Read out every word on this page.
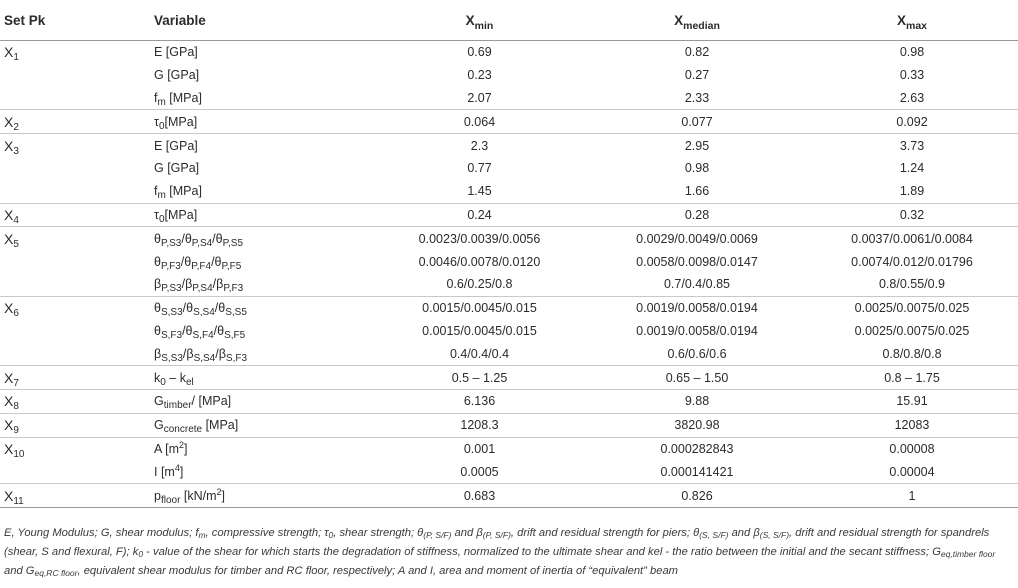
Set Pk	Variable	$X_{min}$	$X_{median}$	$X_{max}$
$X_1$	E [GPa]	0.69	0.82	0.98
	G [GPa]	0.23	0.27	0.33
	$f_m$ [MPa]	2.07	2.33	2.63
$X_2$	$\tau_0[MPa]$	0.064	0.077	0.092
$X_3$	E [GPa]	2.3	2.95	3.73
	G [GPa]	0.77	0.98	1.24
	$f_m$ [MPa]	1.45	1.66	1.89
$X_4$	$\tau_0[MPa]$	0.24	0.28	0.32
$X_5$	$\theta_{P,S3}/\theta_{P,S4}/\theta_{P,S5}$	0.0023/0.0039/0.0056	0.0029/0.0049/0.0069	0.0037/0.0061/0.0084
	$\theta_{P,F3}/\theta_{P,F4}/\theta_{P,F5}$	0.0046/0.0078/0.0120	0.0058/0.0098/0.0147	0.0074/0.012/0.01796
	$\beta_{P,S3}/\beta_{P,S4}/\beta_{P,F3}$	0.6/0.25/0.8	0.7/0.4/0.85	0.8/0.55/0.9
$X_6$	$\theta_{S,S3}/\theta_{S,S4}/\theta_{S,S5}$	0.0015/0.0045/0.015	0.0019/0.0058/0.0194	0.0025/0.0075/0.025
	$\theta_{S,F3}/\theta_{S,F4}/\theta_{S,F5}$	0.0015/0.0045/0.015	0.0019/0.0058/0.0194	0.0025/0.0075/0.025
	$\beta_{S,S3}/\beta_{S,S4}/\beta_{S,F3}$	0.4/0.4/0.4	0.6/0.6/0.6	0.8/0.8/0.8
$X_7$	$k_0 - k_{el}$	0.5 – 1.25	0.65 – 1.50	0.8 – 1.75
$X_8$	$G_{timber}/$ [MPa]	6.136	9.88	15.91
$X_9$	$G_{concrete}$ [MPa]	1208.3	3820.98	12083
$X_{10}$	A $[m^2]$	0.001	0.000282843	0.00008
	I $[m^4]$	0.0005	0.000141421	0.00004
$X_{11}$	$p_{floor}$ $[kN/m^2]$	0.683	0.826	1
E, Young Modulus; G, shear modulus; fm, compressive strength; τ0, shear strength; θ(P, S/F) and β(P, S/F), drift and residual strength for piers; θ(S, S/F) and β(S, S/F), drift and residual strength for spandrels (shear, S and flexural, F); k0 - value of the shear for which starts the degradation of stiffness, normalized to the ultimate shear and kel - the ratio between the initial and the secant stiffness; Geq,timber floor and Geq,RC floor, equivalent shear modulus for timber and RC floor, respectively; A and I, area and moment of inertia of “equivalent” beam
